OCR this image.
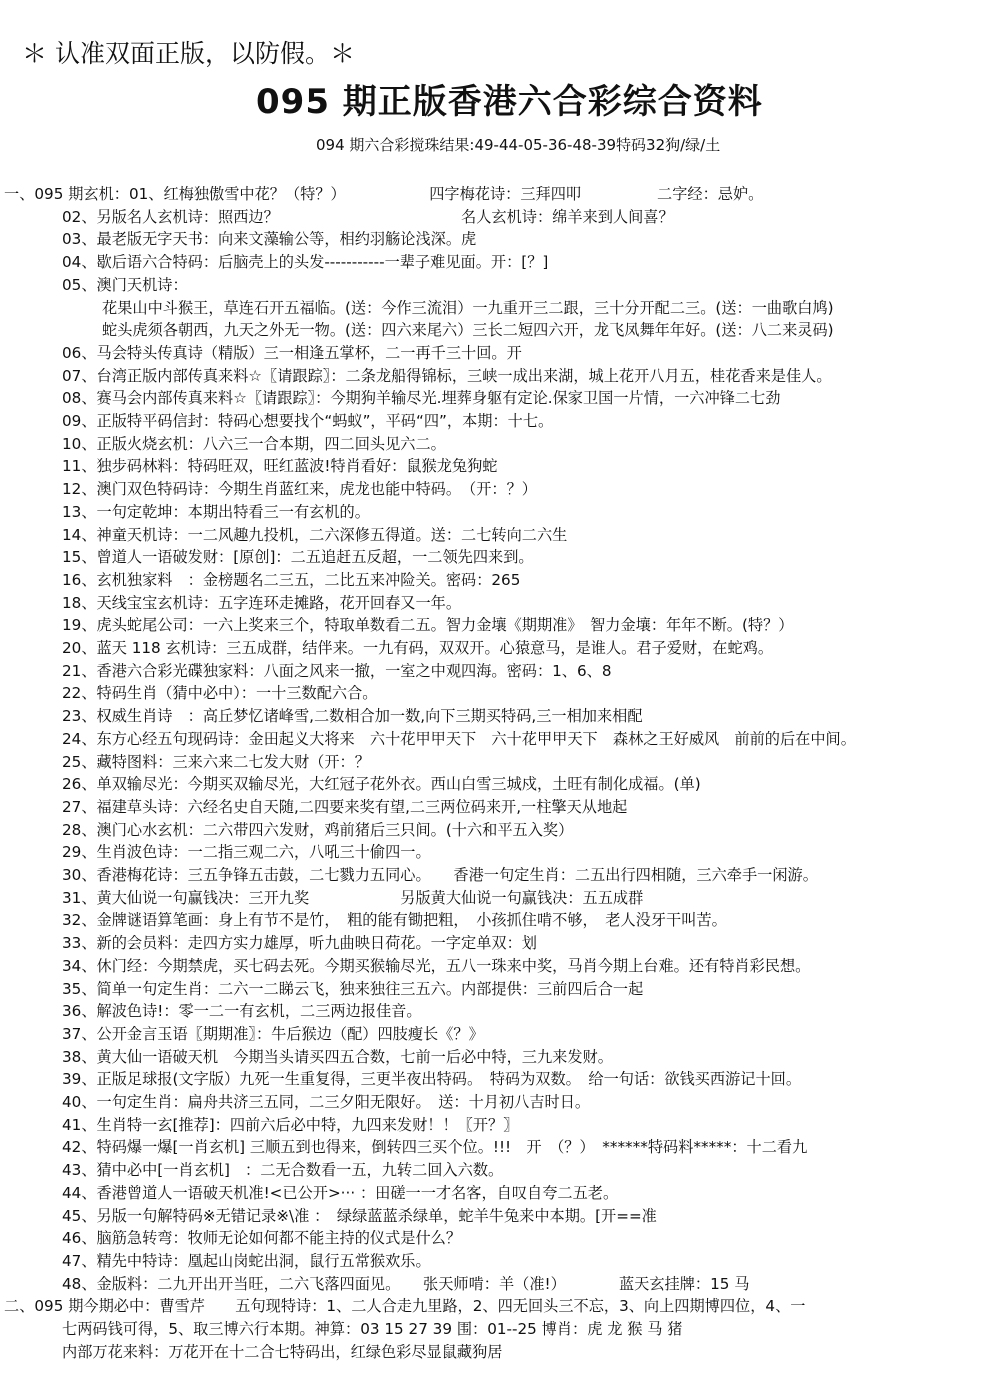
＊ 认准双面正版，以防假。＊
095 期正版香港六合彩综合资料
094 期六合彩搅珠结果:49-44-05-36-48-39特码32狗/绿/土
一、095 期玄机：01、红梅独傲雪中花？（特？）　　　　　　四字梅花诗：三拜四叩　　　　　二字经：忌妒。
02、另版名人玄机诗：照西边？　　　　　　　　　　　　名人玄机诗：绵羊来到人间喜？
03、最老版无字天书：向来文藻输公等，相约羽觞论浅深。虎
04、歇后语六合特码：后脑壳上的头发-----------一辈子难见面。开：[？]
05、澳门天机诗：
花果山中斗猴王，草连石开五福临。(送：今作三流泪）一九重开三二跟，三十分开配二三。(送：一曲歌白鸠)
蛇头虎须各朝西，九天之外无一物。(送：四六来尾六）三长二短四六开，龙飞凤舞年年好。(送：八二来灵码)
06、马会特头传真诗（精版）三一相逢五掌杯，二一再千三十回。开
07、台湾正版内部传真来料☆〖请跟踪〗：二条龙船得锦标，三峡一成出来湖，城上花开八月五，桂花香来是佳人。
08、赛马会内部传真来料☆〖请跟踪〗：今期狗羊输尽光.埋葬身躯有定论.保家卫国一片情，一六冲锋二七劲
09、正版特平码信封：特码心想要找个“蚂蚁”，平码“四”，本期：十七。
10、正版火烧玄机：八六三一合本期，四二回头见六二。
11、独步码林料：特码旺双，旺红蓝波!特肖看好：鼠猴龙兔狗蛇
12、澳门双色特码诗：今期生肖蓝红来，虎龙也能中特码。　（开：？）
13、一句定乾坤：本期出特看三一有玄机的。
14、神童天机诗：一二风趣九投机，二六深修五得道。送：二七转向二六生
15、曾道人一语破发财：[原创]：二五追赶五反超，一二领先四来到。
16、玄机独家料　：金榜题名二三五，二比五来冲险关。密码：265
18、天线宝宝玄机诗：五字连环走摊路，花开回春又一年。
19、虎头蛇尾公司：一六上奖来三个，特取单数看二五。智力金壤《期期准》　智力金壤：年年不断。(特？）
20、蓝天 118 玄机诗：三五成群，结伴来。一九有码，双双开。心猿意马，是谁人。君子爱财，在蛇鸡。
21、香港六合彩光碟独家料：八面之风来一撤，一室之中观四海。密码：1、6、8
22、特码生肖（猜中必中）：一十三数配六合。
23、权威生肖诗　：高丘梦忆诸峰雪,二数相合加一数,向下三期买特码,三一相加来相配
24、东方心经五句现码诗：金田起义大将来　六十花甲甲天下　六十花甲甲天下　森林之王好威风　前前的后在中间。
25、藏特图料：三来六来二七发大财（开：？
26、单双输尽光：今期买双输尽光，大红冠子花外衣。西山白雪三城戍，土旺有制化成福。(单)
27、福建草头诗：六经名史自天随,二四要来奖有望,二三两位码来开,一柱擎天从地起
28、澳门心水玄机：二六带四六发财，鸡前猪后三只间。(十六和平五入奖）
29、生肖波色诗：一二指三观二六，八吼三十偷四一。
30、香港梅花诗：三五争锋五击鼓，二七戮力五同心。　　香港一句定生肖：二五出行四相随，三六牵手一闲游。
31、黄大仙说一句赢钱决：三开九奖　　　　　　另版黄大仙说一句赢钱决：五五成群
32、金牌谜语算笔画：身上有节不是竹，　粗的能有锄把粗，　小孩抓住啃不够，　老人没牙干叫苦。
33、新的会员料：走四方实力雄厚，听九曲映日荷花。一字定单双：划
34、休门经：今期禁虎，买七码去死。今期买猴输尽光，五八一珠来中奖，马肖今期上台难。还有特肖彩民想。
35、简单一句定生肖：二六一二睇云飞，独来独往三五六。内部提供：三前四后合一起
36、解波色诗!：零一二一有玄机，二三两边报佳音。
37、公开金言玉语〖期期准〗：牛后猴边（配）四肢瘦长《？》
38、黄大仙一语破天机　今期当头请买四五合数，七前一后必中特，三九来发财。
39、正版足球报(文字版）九死一生重复得，三更半夜出特码。　特码为双数。　给一句话：欲钱买西游记十回。
40、一句定生肖：扁舟共济三五同，二三夕阳无限好。　送：十月初八吉时日。
41、生肖特一玄[推荐]：四前六后必中特，九四来发财！！〖开？〗
42、特码爆一爆[一肖玄机] 三顺五到也得来，倒转四三买个位。!!!　开　（？）　******特码料*****：十二看九
43、猜中必中[一肖玄机]　：二无合数看一五，九转二回入六数。
44、香港曾道人一语破天机准!<已公开>··· ：田磋一一才名客，自叹自夸二五老。
45、另版一句解特码※无错记录※\准 ：　绿绿蓝蓝杀绿单，蛇羊牛兔来中本期。[开==准
46、脑筋急转弯：牧师无论如何都不能主持的仪式是什么？
47、精先中特诗：凰起山岗蛇出洞，鼠行五常猴欢乐。
48、金版料：二九开出开当旺，二六飞落四面见。　　张天师啃：羊（准!）　　　　蓝天玄挂牌：15 马
二、095 期今期必中：曹雪芹　　五句现特诗：1、二人合走九里路，2、四无回头三不忘，3、向上四期博四位，4、一
七两码钱可得，5、取三博六行本期。神算：03 15 27 39 围：01--25 博肖：虎 龙 猴 马 猪
内部万花来料：万花开在十二合七特码出，红绿色彩尽显鼠藏狗居
